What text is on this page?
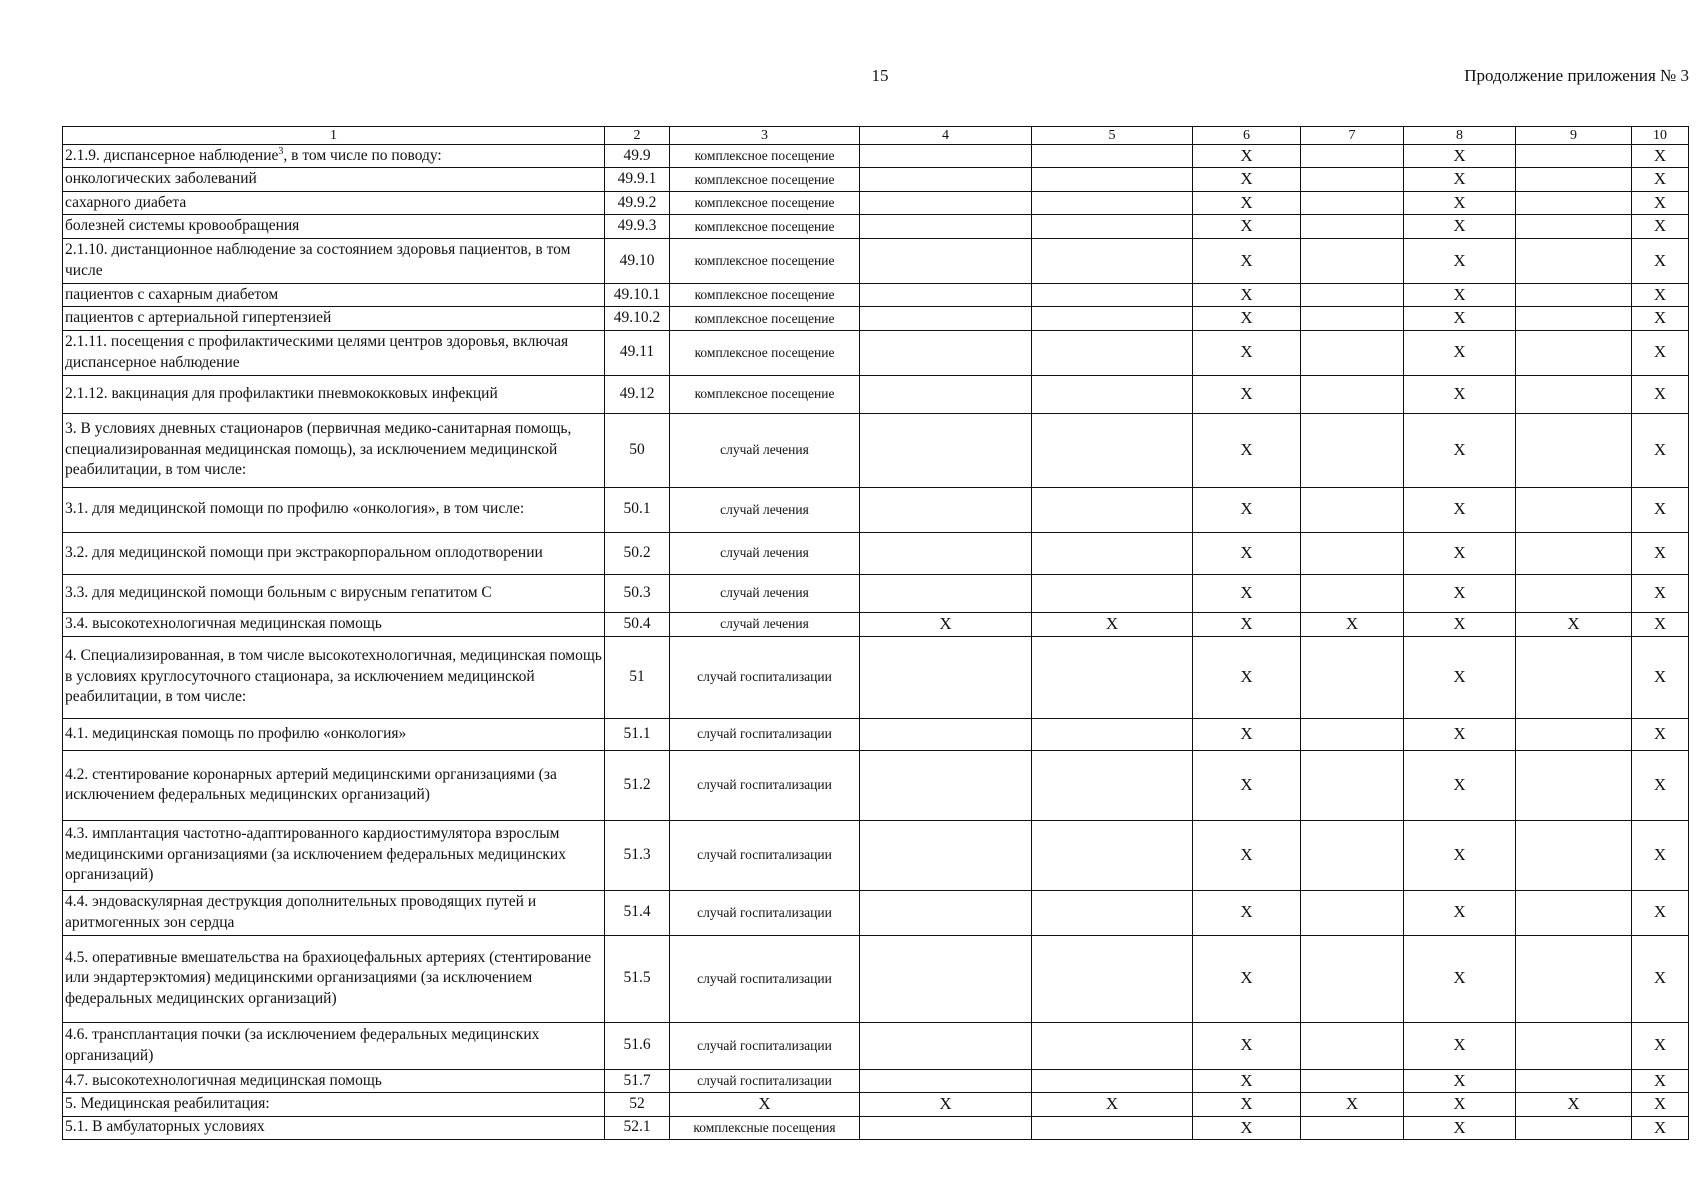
15	Продолжение приложения № 3
1	2	3	4	5	6	7	8	9	10
2.1.9. диспансерное наблюдение$^3$, в том числе по поводу:	49.9	комплексное посещение			X		X		X
онкологических заболеваний	49.9.1	комплексное посещение			X		X		X
сахарного диабета	49.9.2	комплексное посещение			X		X		X
болезней системы кровообращения	49.9.3	комплексное посещение			X		X		X
2.1.10. дистанционное наблюдение за состоянием здоровья пациентов, в том числе	49.10	комплексное посещение			X		X		X
пациентов с сахарным диабетом	49.10.1	комплексное посещение			X		X		X
пациентов с артериальной гипертензией	49.10.2	комплексное посещение			X		X		X
2.1.11. посещения с профилактическими целями центров здоровья, включая диспансерное наблюдение	49.11	комплексное посещение			X		X		X
2.1.12. вакцинация для профилактики пневмококковых инфекций	49.12	комплексное посещение			X		X		X
3. В условиях дневных стационаров (первичная медико-санитарная помощь, специализированная медицинская помощь), за исключением медицинской реабилитации, в том числе:	50	случай лечения			X		X		X
3.1. для медицинской помощи по профилю «онкология», в том числе:	50.1	случай лечения			X		X		X
3.2. для медицинской помощи при экстракорпоральном оплодотворении	50.2	случай лечения			X		X		X
3.3. для медицинской помощи больным с вирусным гепатитом С	50.3	случай лечения			X		X		X
3.4. высокотехнологичная медицинская помощь	50.4	случай лечения	X	X	X	X	X	X	X
4. Специализированная, в том числе высокотехнологичная, медицинская помощь в условиях круглосуточного стационара, за исключением медицинской реабилитации, в том числе:	51	случай госпитализации			X		X		X
4.1. медицинская помощь по профилю «онкология»	51.1	случай госпитализации			X		X		X
4.2. стентирование коронарных артерий медицинскими организациями (за исключением федеральных медицинских организаций)	51.2	случай госпитализации			X		X		X
4.3. имплантация частотно-адаптированного кардиостимулятора взрослым медицинскими организациями (за исключением федеральных медицинских организаций)	51.3	случай госпитализации			X		X		X
4.4. эндоваскулярная деструкция дополнительных проводящих путей и аритмогенных зон сердца	51.4	случай госпитализации			X		X		X
4.5. оперативные вмешательства на брахиоцефальных артериях (стентирование или эндартерэктомия) медицинскими организациями (за исключением федеральных медицинских организаций)	51.5	случай госпитализации			X		X		X
4.6. трансплантация почки (за исключением федеральных медицинских организаций)	51.6	случай госпитализации			X		X		X
4.7. высокотехнологичная медицинская помощь	51.7	случай госпитализации			X		X		X
5. Медицинская реабилитация:	52	X	X	X	X	X	X	X	X
5.1. В амбулаторных условиях	52.1	комплексные посещения			X		X		X
